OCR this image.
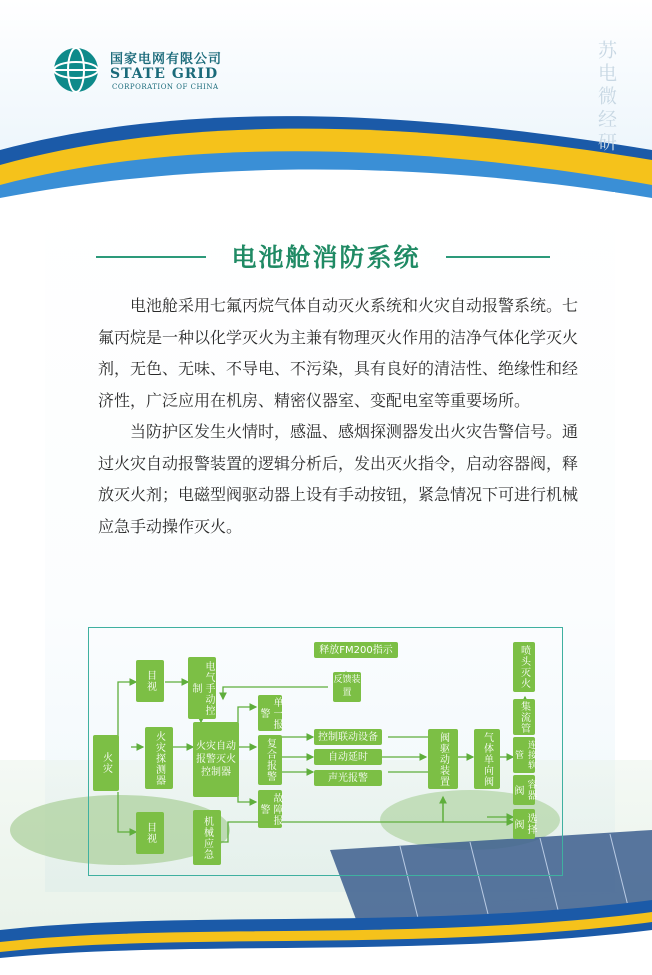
国家电网有限公司
STATE GRID
CORPORATION OF CHINA	苏电微经研
电池舱消防系统

电池舱采用七氟丙烷气体自动灭火系统和火灾自动报警系统。七氟丙烷是一种以化学灭火为主兼有物理灭火作用的洁净气体化学灭火剂，无色、无味、不导电、不污染，具有良好的清洁性、绝缘性和经济性，广泛应用在机房、精密仪器室、变配电室等重要场所。

当防护区发生火情时，感温、感烟探测器发出火灾告警信号。通过火灾自动报警装置的逻辑分析后，发出灭火指令，启动容器阀，释放灭火剂；电磁型阀驱动器上设有手动按钮，紧急情况下可进行机械应急手动操作灭火。

火灾
目视
目视
火灾探测器
电气手动控制
火灾自动报警灭火控制器
机械应急
单一报警
复合报警
故障报警
释放FM200指示
反馈装置
控制联动设备
自动延时
声光报警	阀驱动装置	气体单向阀
喷头灭火
集流管
连接软管
容器阀
选择阀
